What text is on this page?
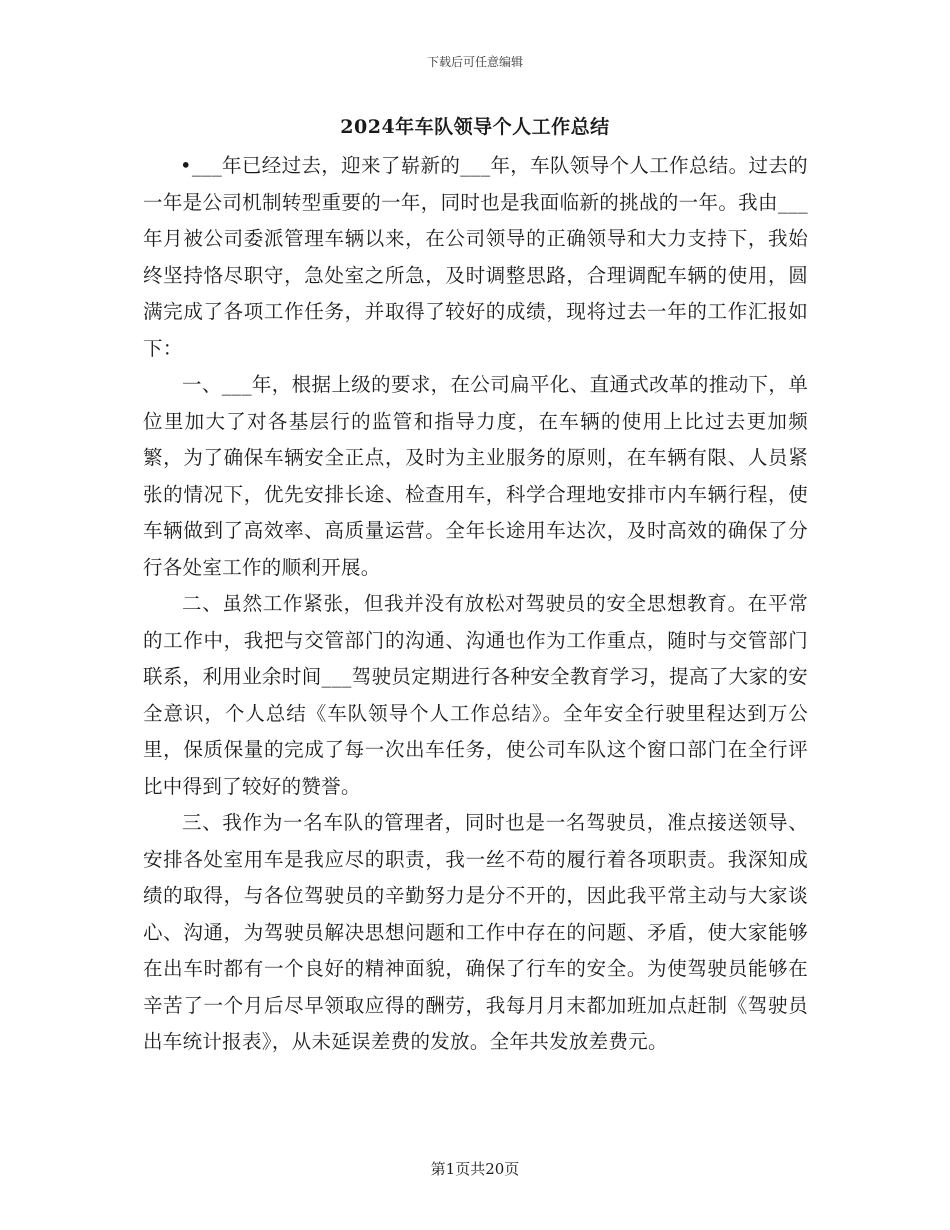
下载后可任意编辑
2024年车队领导个人工作总结

•___年已经过去，迎来了崭新的___年，车队领导个人工作总结。过去的一年是公司机制转型重要的一年，同时也是我面临新的挑战的一年。我由___年月被公司委派管理车辆以来，在公司领导的正确领导和大力支持下，我始终坚持恪尽职守，急处室之所急，及时调整思路，合理调配车辆的使用，圆满完成了各项工作任务，并取得了较好的成绩，现将过去一年的工作汇报如下：

一、___年，根据上级的要求，在公司扁平化、直通式改革的推动下，单位里加大了对各基层行的监管和指导力度，在车辆的使用上比过去更加频繁，为了确保车辆安全正点，及时为主业服务的原则，在车辆有限、人员紧张的情况下，优先安排长途、检查用车，科学合理地安排市内车辆行程，使车辆做到了高效率、高质量运营。全年长途用车达次，及时高效的确保了分行各处室工作的顺利开展。

二、虽然工作紧张，但我并没有放松对驾驶员的安全思想教育。在平常的工作中，我把与交管部门的沟通、沟通也作为工作重点，随时与交管部门联系，利用业余时间___驾驶员定期进行各种安全教育学习，提高了大家的安全意识，个人总结《车队领导个人工作总结》。全年安全行驶里程达到万公里，保质保量的完成了每一次出车任务，使公司车队这个窗口部门在全行评比中得到了较好的赞誉。

三、我作为一名车队的管理者，同时也是一名驾驶员，准点接送领导、安排各处室用车是我应尽的职责，我一丝不苟的履行着各项职责。我深知成绩的取得，与各位驾驶员的辛勤努力是分不开的，因此我平常主动与大家谈心、沟通，为驾驶员解决思想问题和工作中存在的问题、矛盾，使大家能够在出车时都有一个良好的精神面貌，确保了行车的安全。为使驾驶员能够在辛苦了一个月后尽早领取应得的酬劳，我每月月末都加班加点赶制《驾驶员出车统计报表》，从未延误差费的发放。全年共发放差费元。

第1页共20页
